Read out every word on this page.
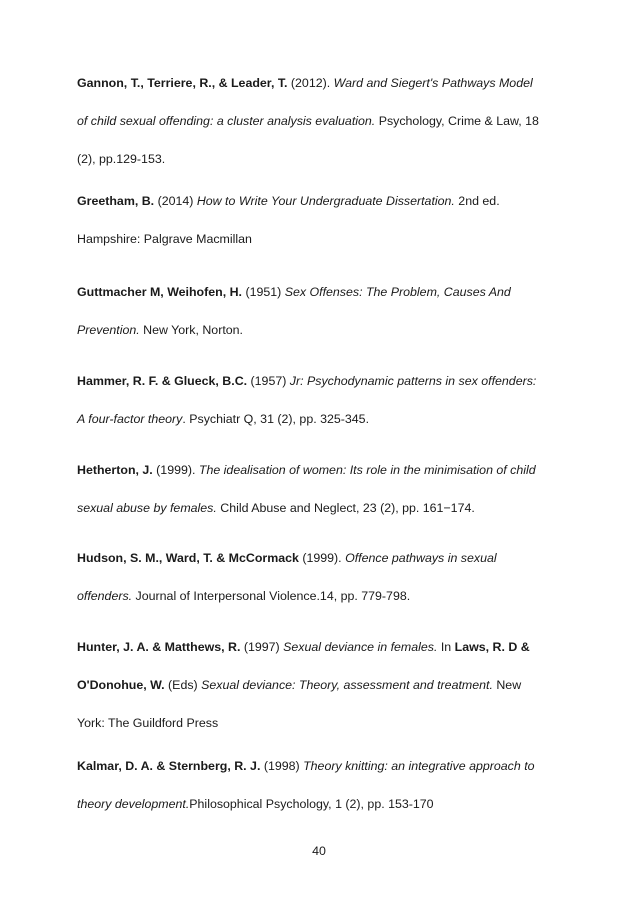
Gannon, T., Terriere, R., & Leader, T. (2012). Ward and Siegert's Pathways Model
of child sexual offending: a cluster analysis evaluation. Psychology, Crime & Law, 18
(2), pp.129-153.
Greetham, B. (2014) How to Write Your Undergraduate Dissertation. 2nd ed.
Hampshire: Palgrave Macmillan
Guttmacher M, Weihofen, H. (1951) Sex Offenses: The Problem, Causes And
Prevention. New York, Norton.
Hammer, R. F. & Glueck, B.C. (1957) Jr: Psychodynamic patterns in sex offenders:
A four-factor theory. Psychiatr Q, 31 (2), pp. 325-345.
Hetherton, J. (1999). The idealisation of women: Its role in the minimisation of child
sexual abuse by females. Child Abuse and Neglect, 23 (2), pp. 161−174.
Hudson, S. M., Ward, T. & McCormack (1999). Offence pathways in sexual
offenders. Journal of Interpersonal Violence.14, pp. 779-798.
Hunter, J. A. & Matthews, R. (1997) Sexual deviance in females. In Laws, R. D &
O'Donohue, W. (Eds) Sexual deviance: Theory, assessment and treatment. New
York: The Guildford Press
Kalmar, D. A. & Sternberg, R. J. (1998) Theory knitting: an integrative approach to
theory development.Philosophical Psychology, 1 (2), pp. 153-170
40
